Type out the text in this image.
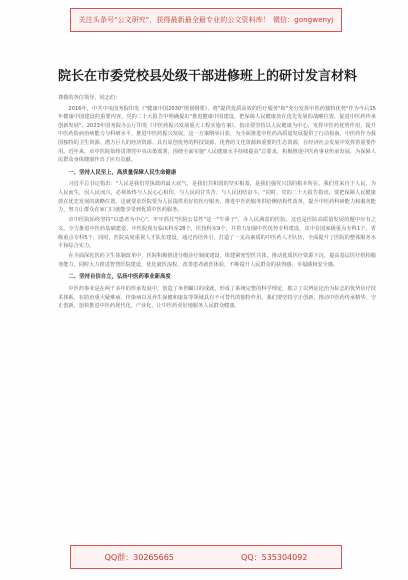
关注头条号"公文研究"，获得最新最全最专业的公文资料库！ 微信：gongwenyj
院长在市委党校县处级干部进修班上的研讨发言材料

尊敬的各位领导、同志们：

2016年，中共中央国务院印发《"健康中国2030"规划纲要》，将"提供优质高效的医疗服务"和"充分发挥中医药独特优势"作为今后15年健康中国建设的重要内容。党的二十大报告中明确提出"推进健康中国建设，把保障人民健康放在优先发展的战略位置，促进中医药传承创新发展"。2023年国务院办公厅印发《中医药振兴发展重大工程实施方案》，指出要坚持以人民健康为中心，发挥中医药优势作用，提升中医药防病治病能力与科研水平，推进中医药振兴发展。这一方案纲举目张，为全面推进中医药高质量发展提供了行动指南。中医药作为我国独特的卫生资源、潜力巨大的经济资源、具有原创优势的科技资源、优秀的文化资源和重要的生态资源，在经济社会发展中发挥着重要作用。近年来，市中医院始终贯彻党中央决策部署，围绕全面实施"人民健康水平持续提高"总要求，积极推进中医药事业传承发展，为保障人民群众身体健康作出了应有贡献。

一、坚持人民至上，高质量保障人民生命健康

习近平总书记指出："人民是我们党执政的最大底气，是我们共和国的坚实根基，是我们强党兴国的根本所在。我们党来自于人民，为人民而生，因人民而兴，必须始终与人民心心相印、与人民同甘共苦、与人民团结奋斗。"同时，党的二十大报告指出，要把保障人民健康放在优先发展的战略位置。这就要求医院要为人民提供更好的医疗服务，推进中医药服务供给侧结构性改革，提升中医药科研能力和服务能力，努力让群众在家门口就能享受到优质中医药服务。

市中医院始终坚持"以患者为中心"，牢牢抓住"医院公益性"这一"牛鼻子"，办人民满意的医院，这也是医院高质量发展的题中应有之义。全力推进中医药基础建设，中医院现有临床科室28个，医技科室9个，并着力加强中医优势专科建设，其中有国家级重点专科1个，省级重点专科5个。同时，医院高度重视人才队伍建设，通过内培外引，打造了一支高素质的中医药人才队伍，全面提升了医院的整体服务水平和综合实力。

在全面深化医药卫生体制改革中，医院积极推进分级诊疗制度建设，组建紧密型医共体，推动优质医疗资源下沉，提高基层医疗机构服务能力。同时大力推进智慧医院建设，优化就医流程，改善患者就医体验，不断提升人民群众的获得感、幸福感和安全感。

二、坚持自信自立，弘扬中医药事业新高度

中医药事业是在两千多年的传承发展中，创造了举世瞩目的成就，形成了系统完整的科学理论，独立了以辨证论治为标志的优势诊疗技术体系，在防治重大疑难病、传染病以及养生保健和康复等领域具有不可替代的独特作用。我们要坚持守正创新，推动中医药传承精华、守正创新，加快推进中医药现代化、产业化，让中医药更好地服务人民群众健康。

QQ群：30265665	QQ：535304092
